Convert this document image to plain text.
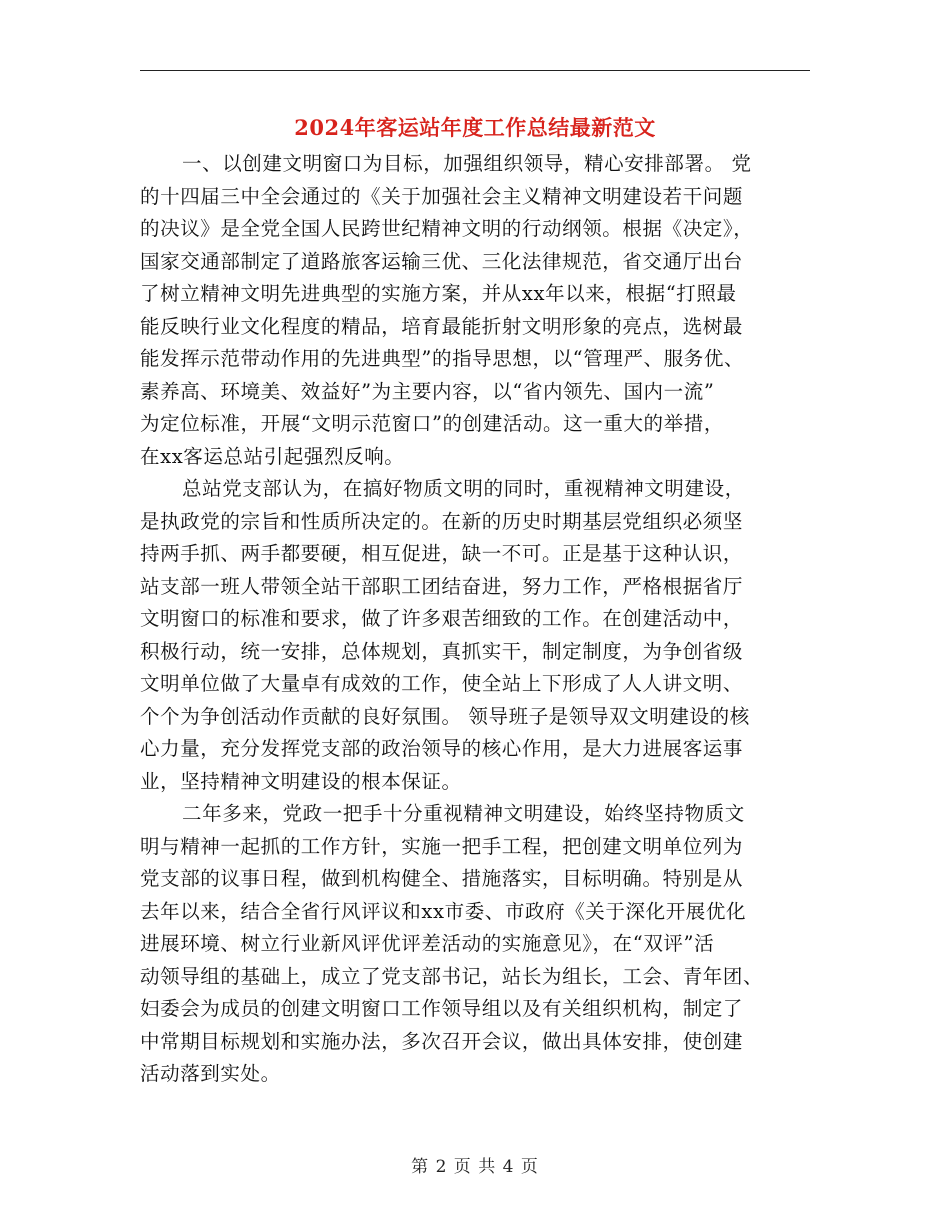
2024年客运站年度工作总结最新范文
一、以创建文明窗口为目标，加强组织领导，精心安排部署。 党
的十四届三中全会通过的《关于加强社会主义精神文明建设若干问题
的决议》是全党全国人民跨世纪精神文明的行动纲领。根据《决定》，
国家交通部制定了道路旅客运输三优、三化法律规范，省交通厅出台
了树立精神文明先进典型的实施方案，并从xx年以来，根据“打照最
能反映行业文化程度的精品，培育最能折射文明形象的亮点，选树最
能发挥示范带动作用的先进典型”的指导思想，以“管理严、服务优、
素养高、环境美、效益好”为主要内容，以“省内领先、国内一流”
为定位标准，开展“文明示范窗口”的创建活动。这一重大的举措，
在xx客运总站引起强烈反响。
总站党支部认为，在搞好物质文明的同时，重视精神文明建设，
是执政党的宗旨和性质所决定的。在新的历史时期基层党组织必须坚
持两手抓、两手都要硬，相互促进，缺一不可。正是基于这种认识，
站支部一班人带领全站干部职工团结奋进，努力工作，严格根据省厅
文明窗口的标准和要求，做了许多艰苦细致的工作。在创建活动中，
积极行动，统一安排，总体规划，真抓实干，制定制度，为争创省级
文明单位做了大量卓有成效的工作，使全站上下形成了人人讲文明、
个个为争创活动作贡献的良好氛围。 领导班子是领导双文明建设的核
心力量，充分发挥党支部的政治领导的核心作用，是大力进展客运事
业，坚持精神文明建设的根本保证。
二年多来，党政一把手十分重视精神文明建设，始终坚持物质文
明与精神一起抓的工作方针，实施一把手工程，把创建文明单位列为
党支部的议事日程，做到机构健全、措施落实，目标明确。特别是从
去年以来，结合全省行风评议和xx市委、市政府《关于深化开展优化
进展环境、树立行业新风评优评差活动的实施意见》，在“双评”活
动领导组的基础上，成立了党支部书记，站长为组长，工会、青年团、
妇委会为成员的创建文明窗口工作领导组以及有关组织机构，制定了
中常期目标规划和实施办法，多次召开会议，做出具体安排，使创建
活动落到实处。
第 2 页 共 4 页
